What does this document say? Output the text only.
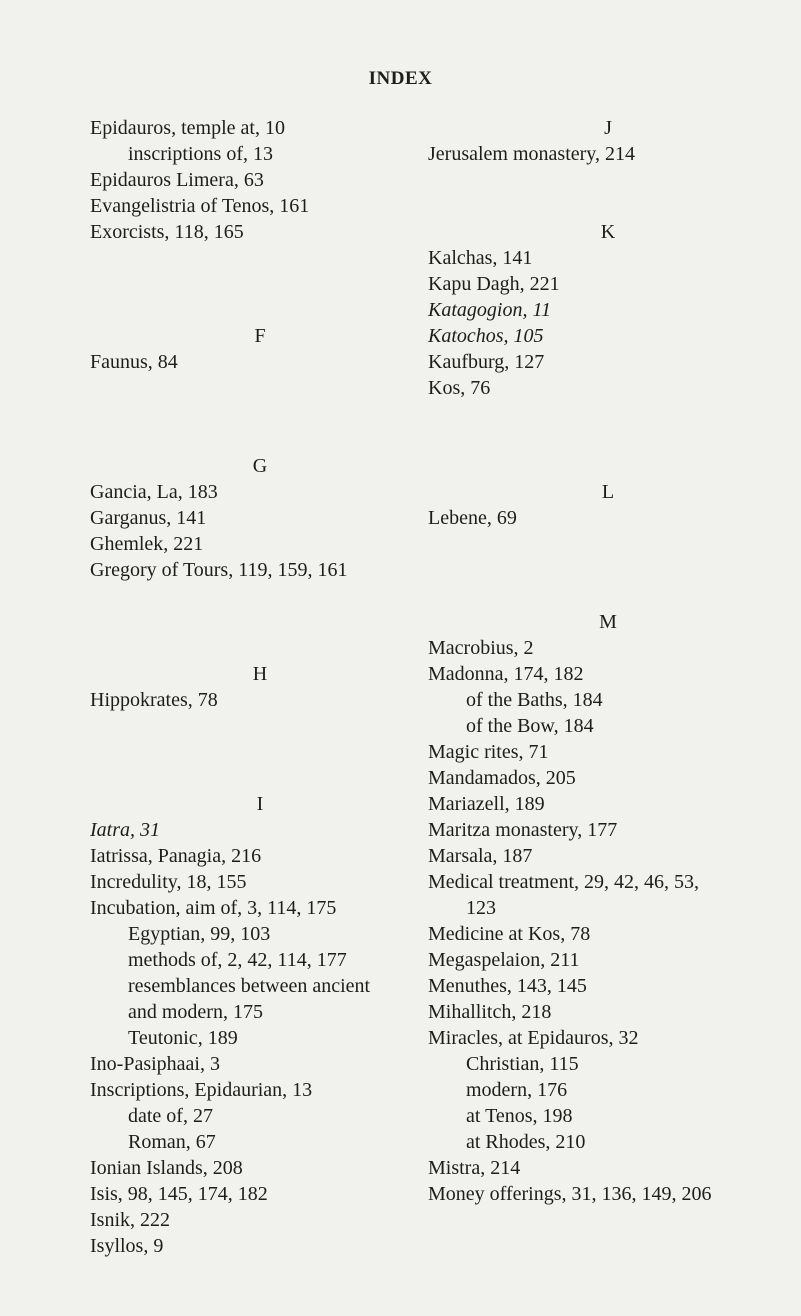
INDEX
Epidauros, temple at, 10
inscriptions of, 13
Epidauros Limera, 63
Evangelistria of Tenos, 161
Exorcists, 118, 165
F
Faunus, 84
G
Gancia, La, 183
Garganus, 141
Ghemlek, 221
Gregory of Tours, 119, 159, 161
H
Hippokrates, 78
I
Iatra, 31
Iatrissa, Panagia, 216
Incredulity, 18, 155
Incubation, aim of, 3, 114, 175
Egyptian, 99, 103
methods of, 2, 42, 114, 177
resemblances between ancient
and modern, 175
Teutonic, 189
Ino-Pasiphaai, 3
Inscriptions, Epidaurian, 13
date of, 27
Roman, 67
Ionian Islands, 208
Isis, 98, 145, 174, 182
Isnik, 222
Isyllos, 9
J
Jerusalem monastery, 214
K
Kalchas, 141
Kapu Dagh, 221
Katagogion, 11
Katochos, 105
Kaufburg, 127
Kos, 76
L
Lebene, 69
M
Macrobius, 2
Madonna, 174, 182
of the Baths, 184
of the Bow, 184
Magic rites, 71
Mandamados, 205
Mariazell, 189
Maritza monastery, 177
Marsala, 187
Medical treatment, 29, 42, 46, 53,
123
Medicine at Kos, 78
Megaspelaion, 211
Menuthes, 143, 145
Mihallitch, 218
Miracles, at Epidauros, 32
Christian, 115
modern, 176
at Tenos, 198
at Rhodes, 210
Mistra, 214
Money offerings, 31, 136, 149, 206
